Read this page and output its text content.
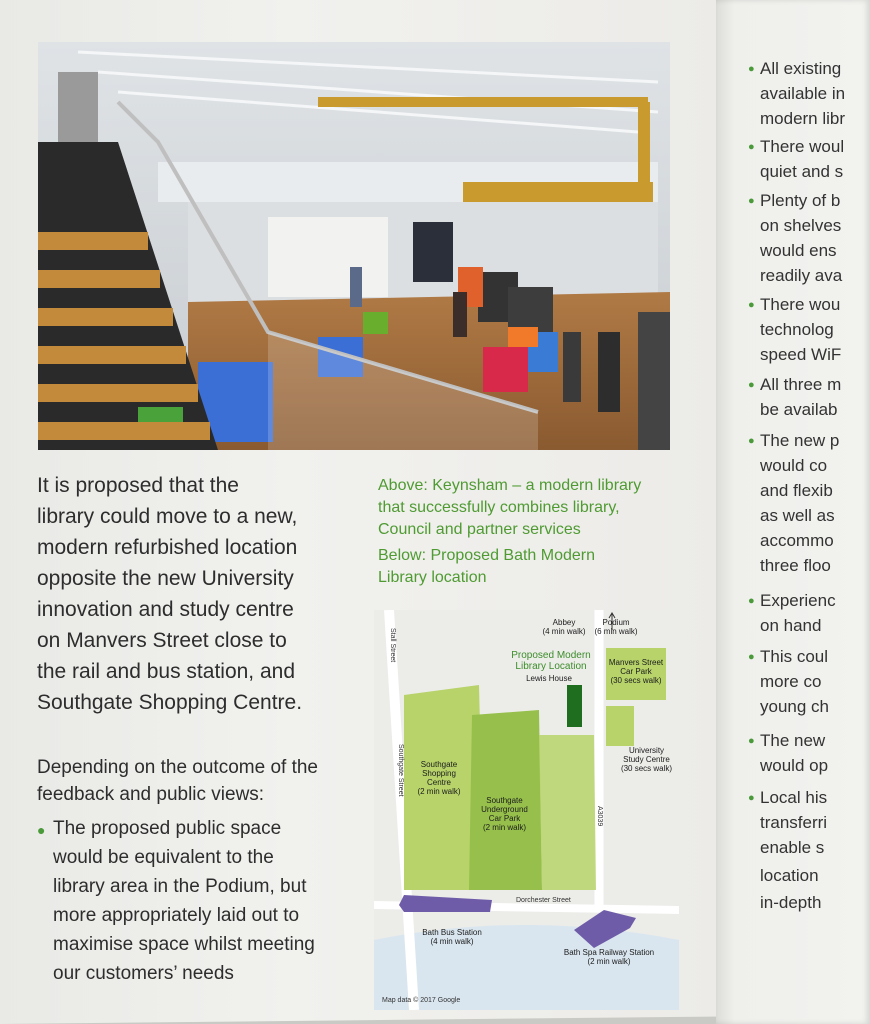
It is proposed that the

library could move to a new,

modern refurbished location

opposite the new University

innovation and study centre

on Manvers Street close to

the rail and bus station, and

Southgate Shopping Centre.

Depending on the outcome of the

feedback and public views:

● The proposed public space
would be equivalent to the
library area in the Podium, but
more appropriately laid out to
maximise space whilst meeting
our customers’ needs

Above: Keynsham – a modern library
that successfully combines library,
Council and partner services

Below: Proposed Bath Modern
Library location

Abbey
(4 min walk)
Podium
(6 min walk)
Proposed Modern
Library Location
Lewis House
Manvers Street
Car Park
(30 secs walk)
University
Study Centre
(30 secs walk)
Southgate
Shopping
Centre
(2 min walk)
Southgate
Underground
Car Park
(2 min walk)
Bath Bus Station
(4 min walk)
Bath Spa Railway Station
(2 min walk)
Stall Street
Southgate Street
A3039
Dorchester Street
Map data © 2017 Google
● All existing
available in
modern libr
● There woul
quiet and s
● Plenty of b
on shelves
would ens
readily ava
● There wou
technolog
speed WiF
● All three m
be availab
● The new p
would co
and flexib
as well as
accommo
three floo
● Experienc
on hand
● This coul
more co
young ch
● The new
would op
● Local his
transferri
enable s
location
in-depth
